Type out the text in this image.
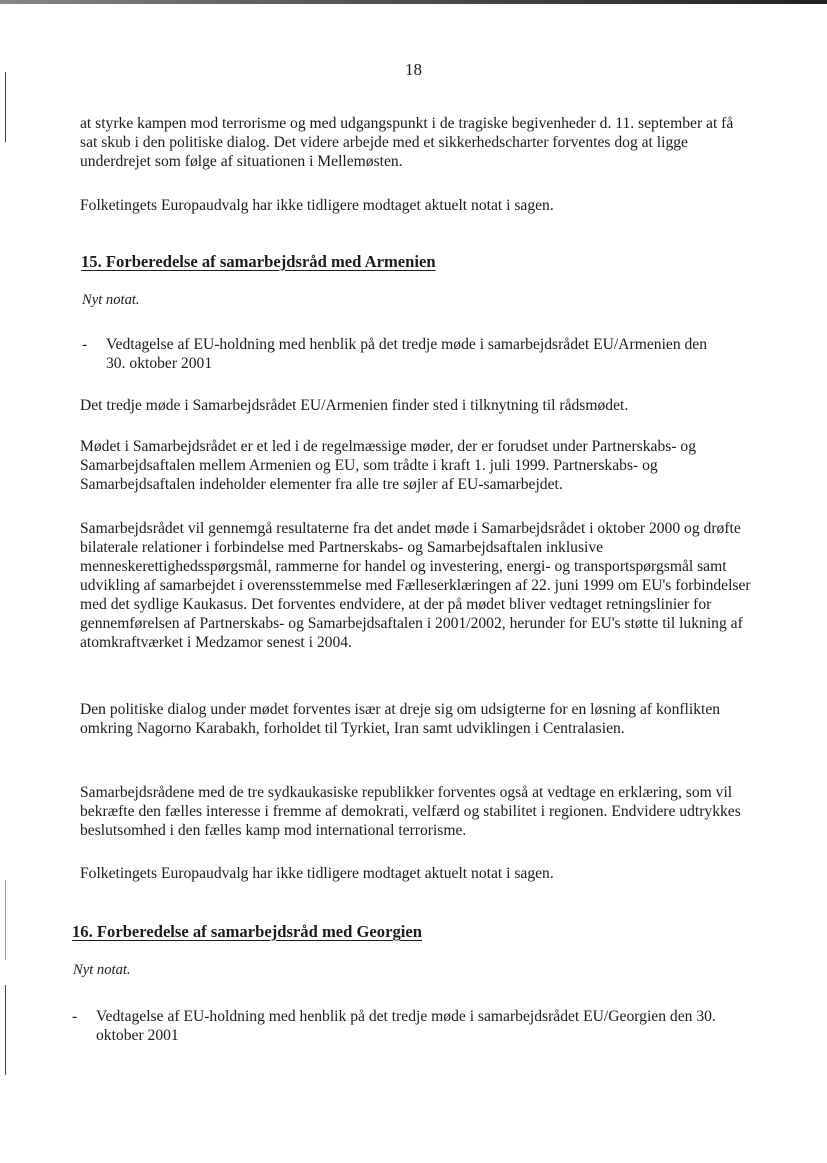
18

at styrke kampen mod terrorisme og med udgangspunkt i de tragiske begivenheder d. 11. september at få sat skub i den politiske dialog. Det videre arbejde med et sikkerhedscharter forventes dog at ligge underdrejet som følge af situationen i Mellemøsten.

Folketingets Europaudvalg har ikke tidligere modtaget aktuelt notat i sagen.

15. Forberedelse af samarbejdsråd med Armenien
Nyt notat.
- Vedtagelse af EU-holdning med henblik på det tredje møde i samarbejdsrådet EU/Armenien den 30. oktober 2001

Det tredje møde i Samarbejdsrådet EU/Armenien finder sted i tilknytning til rådsmødet.

Mødet i Samarbejdsrådet er et led i de regelmæssige møder, der er forudset under Partnerskabs- og Samarbejdsaftalen mellem Armenien og EU, som trådte i kraft 1. juli 1999. Partnerskabs- og Samarbejdsaftalen indeholder elementer fra alle tre søjler af EU-samarbejdet.

Samarbejdsrådet vil gennemgå resultaterne fra det andet møde i Samarbejdsrådet i oktober 2000 og drøfte bilaterale relationer i forbindelse med Partnerskabs- og Samarbejdsaftalen inklusive menneskerettighedsspørgsmål, rammerne for handel og investering, energi- og transportspørgsmål samt udvikling af samarbejdet i overensstemmelse med Fælleserklæringen af 22. juni 1999 om EU's forbindelser med det sydlige Kaukasus. Det forventes endvidere, at der på mødet bliver vedtaget retningslinier for gennemførelsen af Partnerskabs- og Samarbejdsaftalen i 2001/2002, herunder for EU's støtte til lukning af atomkraftværket i Medzamor senest i 2004.

Den politiske dialog under mødet forventes især at dreje sig om udsigterne for en løsning af konflikten omkring Nagorno Karabakh, forholdet til Tyrkiet, Iran samt udviklingen i Centralasien.

Samarbejdsrådene med de tre sydkaukasiske republikker forventes også at vedtage en erklæring, som vil bekræfte den fælles interesse i fremme af demokrati, velfærd og stabilitet i regionen. Endvidere udtrykkes beslutsomhed i den fælles kamp mod international terrorisme.

Folketingets Europaudvalg har ikke tidligere modtaget aktuelt notat i sagen.

16. Forberedelse af samarbejdsråd med Georgien
Nyt notat.
- Vedtagelse af EU-holdning med henblik på det tredje møde i samarbejdsrådet EU/Georgien den 30. oktober 2001
